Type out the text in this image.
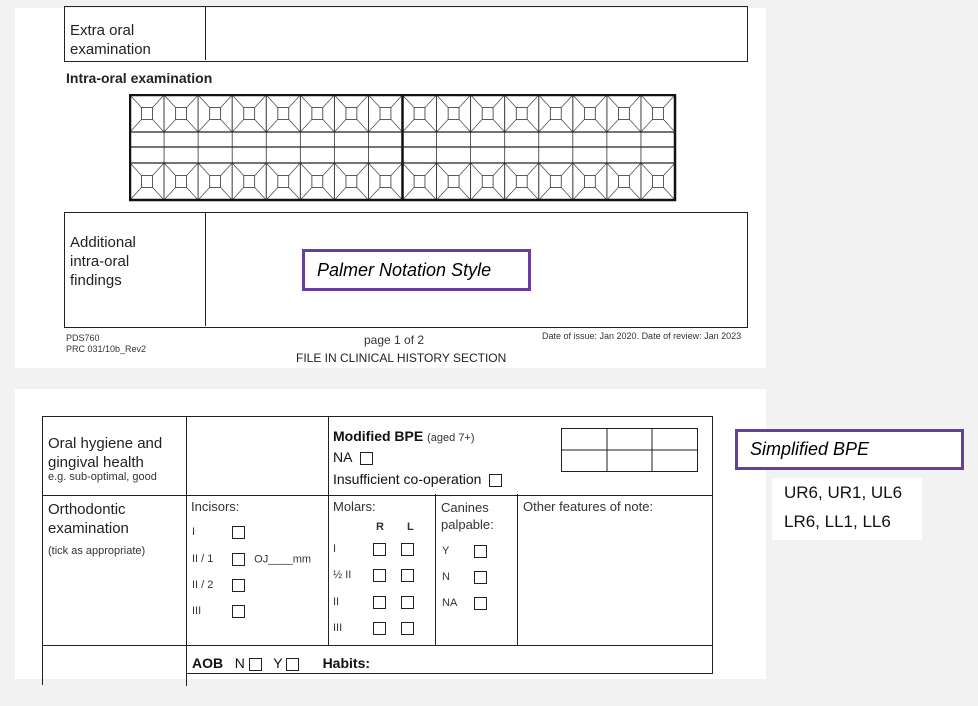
Extra oral
examination
Intra-oral examination
Additional
intra-oral
findings
PDS760
PRC 031/10b_Rev2
page 1 of 2
FILE IN CLINICAL HISTORY SECTION
Date of issue: Jan 2020. Date of review: Jan 2023
Palmer Notation Style
Oral hygiene and
gingival health
e.g. sub-optimal, good
Modified BPE (aged 7+)
NA
Insufficient co-operation
Orthodontic
examination
(tick as appropriate)
Incisors:
I
II / 1	OJ____mm
II / 2
III
Molars:
R L
I
½ II
II
III
Canines
palpable:
Y
N
NA
Other features of note:
AOB N Y	Habits:
Simplified BPE
UR6, UR1, UL6
LR6, LL1, LL6
